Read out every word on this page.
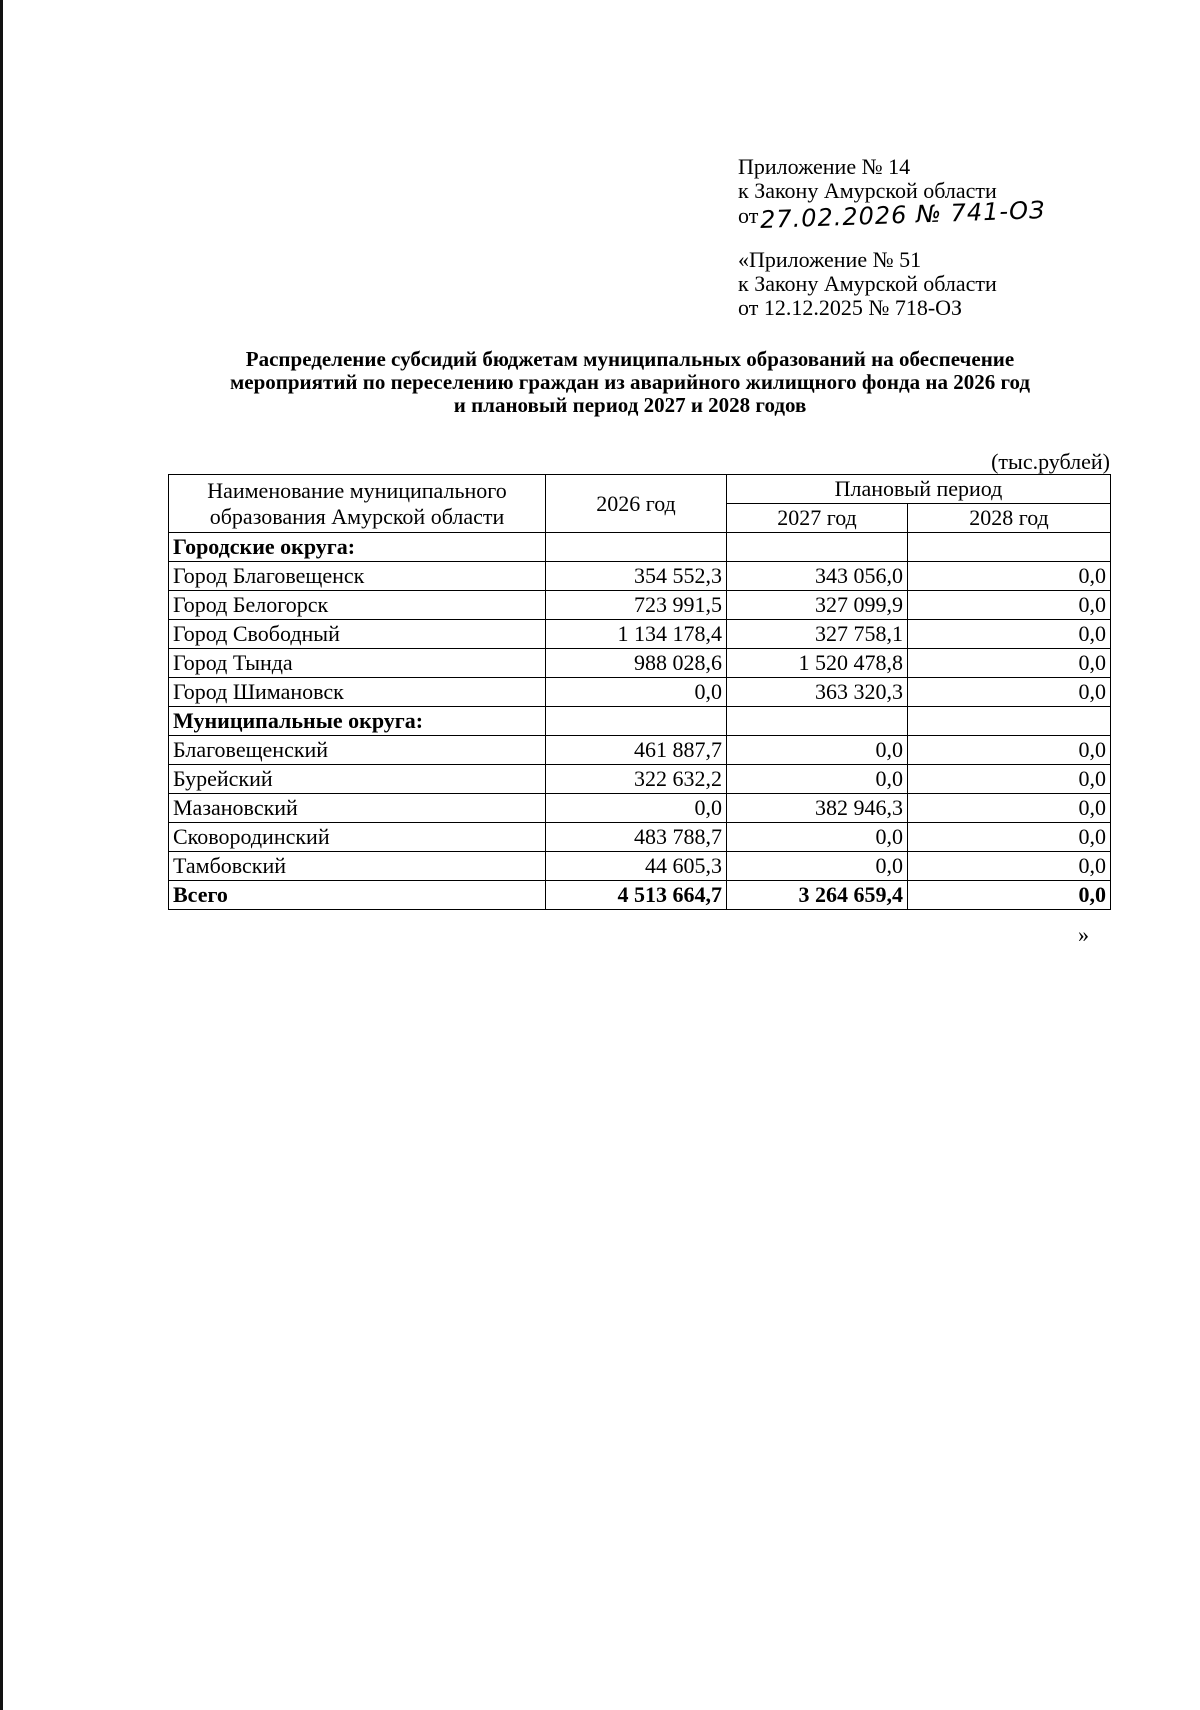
Приложение № 14
к Закону Амурской области
от 27.02.2026 № 741-ОЗ
«Приложение № 51
к Закону Амурской области
от 12.12.2025 № 718-ОЗ
Распределение субсидий бюджетам муниципальных образований на обеспечение
мероприятий по переселению граждан из аварийного жилищного фонда на 2026 год
и плановый период 2027 и 2028 годов
(тыс.рублей)
Наименование муниципального образования Амурской области	2026 год	Плановый период	
		2027 год	2028 год
Городские округа:			
Город Благовещенск	354 552,3	343 056,0	0,0
Город Белогорск	723 991,5	327 099,9	0,0
Город Свободный	1 134 178,4	327 758,1	0,0
Город Тында	988 028,6	1 520 478,8	0,0
Город Шимановск	0,0	363 320,3	0,0
Муниципальные округа:			
Благовещенский	461 887,7	0,0	0,0
Бурейский	322 632,2	0,0	0,0
Мазановский	0,0	382 946,3	0,0
Сковородинский	483 788,7	0,0	0,0
Тамбовский	44 605,3	0,0	0,0
Всего	4 513 664,7	3 264 659,4	0,0
»
